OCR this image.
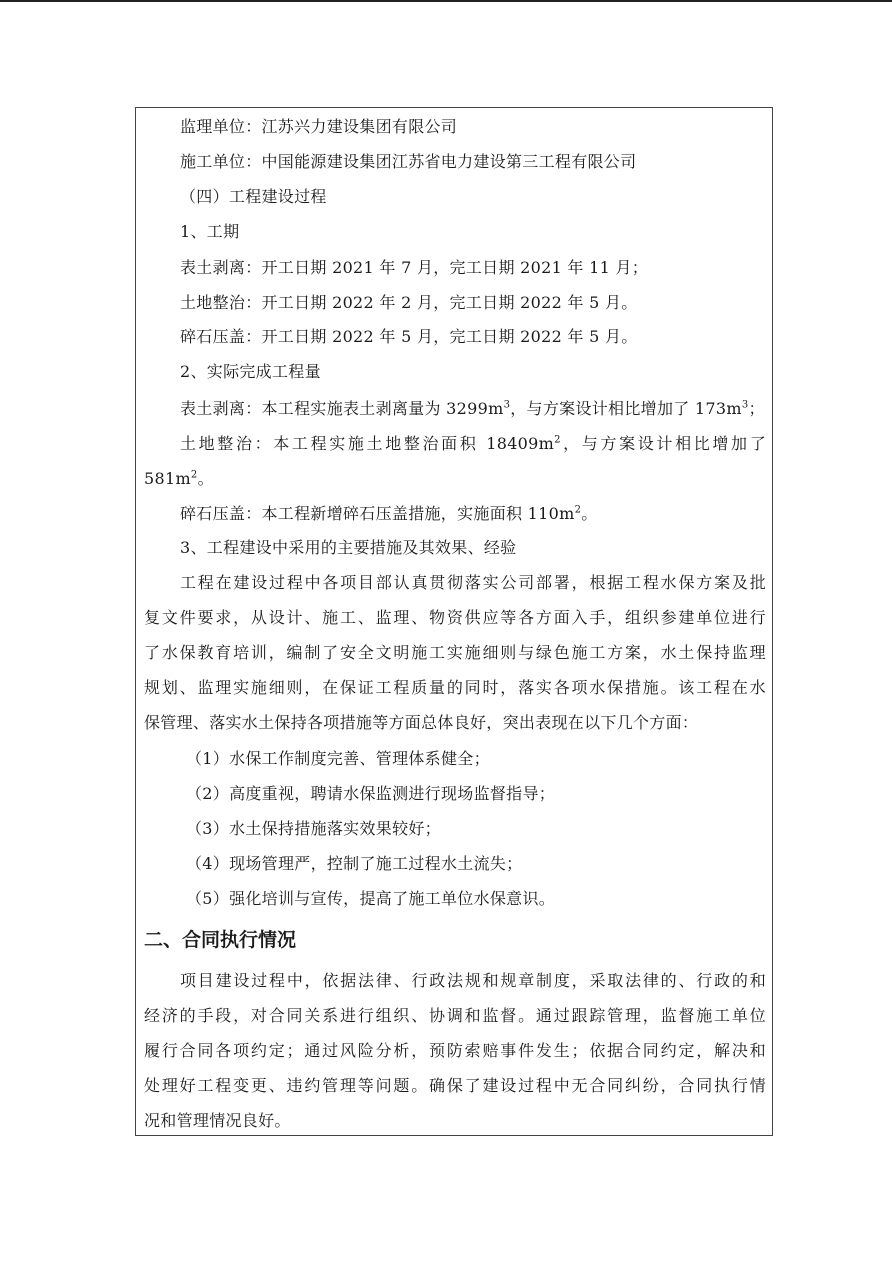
监理单位：江苏兴力建设集团有限公司
施工单位：中国能源建设集团江苏省电力建设第三工程有限公司
（四）工程建设过程
1、工期
表土剥离：开工日期 2021 年 7 月，完工日期 2021 年 11 月；
土地整治：开工日期 2022 年 2 月，完工日期 2022 年 5 月。
碎石压盖：开工日期 2022 年 5 月，完工日期 2022 年 5 月。
2、实际完成工程量
表土剥离：本工程实施表土剥离量为 $3299m^3$，与方案设计相比增加了 $173m^3$；
土地整治：本工程实施土地整治面积 $18409m^2$，与方案设计相比增加了
$581m^2$。
碎石压盖：本工程新增碎石压盖措施，实施面积 $110m^2$。
3、工程建设中采用的主要措施及其效果、经验
工程在建设过程中各项目部认真贯彻落实公司部署，根据工程水保方案及批
复文件要求，从设计、施工、监理、物资供应等各方面入手，组织参建单位进行
了水保教育培训，编制了安全文明施工实施细则与绿色施工方案，水土保持监理
规划、监理实施细则，在保证工程质量的同时，落实各项水保措施。该工程在水
保管理、落实水土保持各项措施等方面总体良好，突出表现在以下几个方面：
（1）水保工作制度完善、管理体系健全；
（2）高度重视，聘请水保监测进行现场监督指导；
（3）水土保持措施落实效果较好；
（4）现场管理严，控制了施工过程水土流失；
（5）强化培训与宣传，提高了施工单位水保意识。
二、合同执行情况
项目建设过程中，依据法律、行政法规和规章制度，采取法律的、行政的和
经济的手段，对合同关系进行组织、协调和监督。通过跟踪管理，监督施工单位
履行合同各项约定；通过风险分析，预防索赔事件发生；依据合同约定，解决和
处理好工程变更、违约管理等问题。确保了建设过程中无合同纠纷，合同执行情
况和管理情况良好。
